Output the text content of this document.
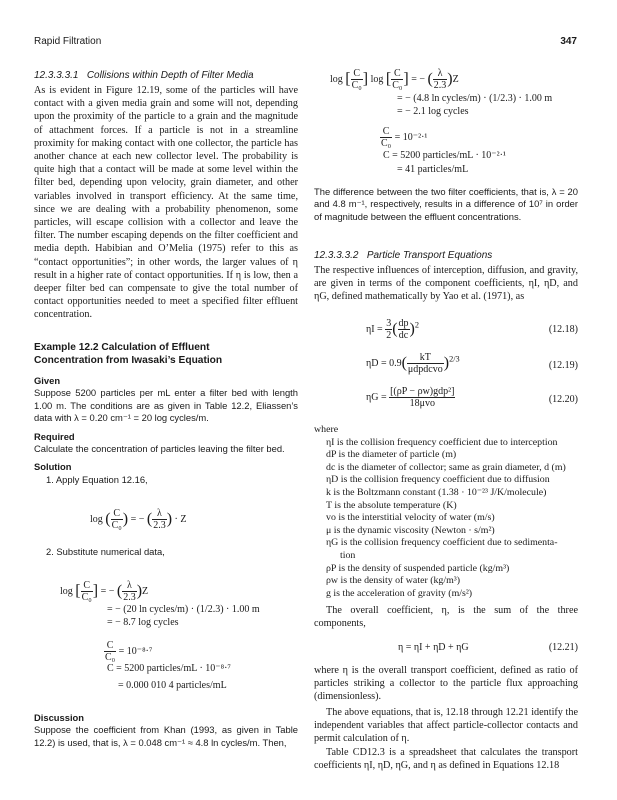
Rapid Filtration	347
12.3.3.3.1 Collisions within Depth of Filter Media

As is evident in Figure 12.19, some of the particles will have contact with a given media grain and some will not, depending upon the proximity of the particle to a grain and the magnitude of attachment forces. If a particle is not in a streamline proximity for making contact with one collector, the particle has another chance at each new collector level. The probability is quite high that a contact will be made at some level within the filter bed, depending upon velocity, grain diameter, and other variables involved in transport efficiency. At the same time, since we are dealing with a probability phenomenon, some particles, will escape collision with a collector and leave the filter. The number escaping depends on the filter coefficient and media depth. Habibian and O’Melia (1975) refer to this as “contact opportunities”; in other words, the larger values of η result in a higher rate of contact opportunities. If η is low, then a deeper filter bed can compensate to give the total number of contact opportunities needed to meet a specified filter effluent concentration.

Example 12.2 Calculation of Effluent
Concentration from Iwasaki’s Equation
Given
Suppose 5200 particles per mL enter a filter bed with length 1.00 m. The conditions are as given in Table 12.2, Eliassen’s data with λ = 0.20 cm⁻¹ = 20 log cycles/m.
Required
Calculate the concentration of particles leaving the filter bed.
Solution
1. Apply Equation 12.16,
log ( $\frac{C}{\text{C₀}}$ ) = − ( $\frac{\lambda}{2.3}$ ) · Z
2. Substitute numerical data,
log [ $\frac{C}{\text{C₀}}$ ] = − ( $\frac{\lambda}{2.3} )Z$
= − (20 ln cycles/m) · (1/2.3) · 1.00 m
= − 8.7 log cycles
$\frac{C}{\text{C₀}} = 10^{-8}\cdot^7$
C = 5200 particles/mL · 10⁻⁸·⁷
= 0.000 010 4 particles/mL
Discussion
Suppose the coefficient from Khan (1993, as given in Table 12.2) is used, that is, λ = 0.048 cm⁻¹ ≈ 4.8 ln cycles/m. Then,
log [ $\frac{C}{\text{C₀}}$ ] log [ $\frac{C}{\text{C₀}}$ ] = − ( $\frac{\lambda}{2.3} )Z$
= − (4.8 ln cycles/m) · (1/2.3) · 1.00 m
= − 2.1 log cycles
$\frac{C}{\text{C₀}} = 10^{-2}\cdot^1$
C = 5200 particles/mL · 10⁻²·¹
= 41 particles/mL

The difference between the two filter coefficients, that is, λ = 20 and 4.8 m⁻¹, respectively, results in a difference of 10⁷ in order of magnitude between the effluent concentrations.

12.3.3.3.2 Particle Transport Equations

The respective influences of interception, diffusion, and gravity, are given in terms of the component coefficients, ηI, ηD, and ηG, defined mathematically by Yao et al. (1971), as

$\eta I = \frac{3}{2}$ ( $\frac{dp}{dc} )^2$	(12.18)
$\eta D = 0.9( \frac{kT}{\text{μdpdcvo}} )^{2/3}$
(12.19)
$\eta G = \frac{\text{[(ρP − ρw)gdp²]}}{\text{18μvo}}$	(12.20)
where
ηI is the collision frequency coefficient due to interception
dP is the diameter of particle (m)
dc is the diameter of collector; same as grain diameter, d (m)
ηD is the collision frequency coefficient due to diffusion
k is the Boltzmann constant (1.38 · 10⁻²³ J/K/molecule)
T is the absolute temperature (K)
vo is the interstitial velocity of water (m/s)
μ is the dynamic viscosity (Newton · s/m²)
ηG is the collision frequency coefficient due to sedimenta-
tion
ρP is the density of suspended particle (kg/m³)
ρw is the density of water (kg/m³)
g is the acceleration of gravity (m/s²)

The overall coefficient, η, is the sum of the three components,

η = ηI + ηD + ηG	(12.21)

where η is the overall transport coefficient, defined as ratio of particles striking a collector to the particle flux approaching (dimensionless).

The above equations, that is, 12.18 through 12.21 identify the independent variables that affect particle-collector contacts and permit calculation of η.

Table CD12.3 is a spreadsheet that calculates the transport coefficients ηI, ηD, ηG, and η as defined in Equations 12.18
